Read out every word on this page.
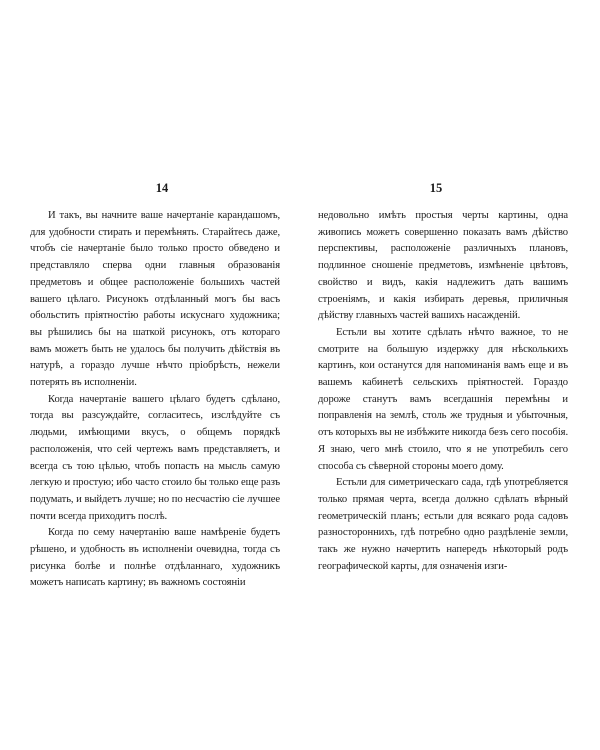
14

И такъ, вы начните ваше начертаніе карандашомъ, для удобности стирать и перемѣнять. Старайтесь даже, чтобъ сіе начертаніе было только просто обведено и представляло сперва одни главныя образованія предметовъ и общее расположеніе большихъ частей вашего цѣлаго. Рисунокъ отдѣланный могъ бы васъ обольстить пріятностію работы искуснаго художника; вы рѣшились бы на шаткой рисунокъ, отъ котораго вамъ можетъ быть не удалось бы получить дѣйствія въ натурѣ, а гораздо лучше нѣчто пріобрѣсть, нежели потерять въ исполненіи.

Когда начертаніе вашего цѣлаго будетъ сдѣлано, тогда вы разсуждайте, согласитесь, изслѣдуйте съ людьми, имѣющими вкусъ, о общемъ порядкѣ расположенія, что сей чертежъ вамъ представляетъ, и всегда съ тою цѣлью, чтобъ попасть на мысль самую легкую и простую; ибо часто стоило бы только еще разъ подумать, и выйдетъ лучше; но по несчастію сіе лучшее почти всегда приходитъ послѣ.

Когда по сему начертанію ваше намѣреніе будетъ рѣшено, и удобность въ исполненіи очевидна, тогда съ рисунка болѣе и полнѣе отдѣланнаго, художникъ можетъ написать картину; въ важномъ состояніи

15

недовольно имѣть простыя черты картины, одна живопись можетъ совершенно показать вамъ дѣйство перспективы, расположеніе различныхъ плановъ, подлинное сношеніе предметовъ, измѣненіе цвѣтовъ, свойство и видъ, какія надлежитъ дать вашимъ строеніямъ, и какія избирать деревья, приличныя дѣйству главныхъ частей вашихъ насажденій.

Естьли вы хотите сдѣлать нѣчто важное, то не смотрите на большую издержку для нѣсколькихъ картинъ, кои останутся для напоминанія вамъ еще и въ вашемъ кабинетѣ сельскихъ пріятностей. Гораздо дороже станутъ вамъ всегдашнія перемѣны и поправленія на землѣ, столь же трудныя и убыточныя, отъ которыхъ вы не избѣжите никогда безъ сего пособія. Я знаю, чего мнѣ стоило, что я не употребилъ сего способа съ сѣверной стороны моего дому.

Естьли для симетрическаго сада, гдѣ употребляется только прямая черта, всегда должно сдѣлать вѣрный геометрическій планъ; естьли для всякаго рода садовъ разностороннихъ, гдѣ потребно одно раздѣленіе земли, такъ же нужно начертить напередъ нѣкоторый родъ географической карты, для означенія изги-
